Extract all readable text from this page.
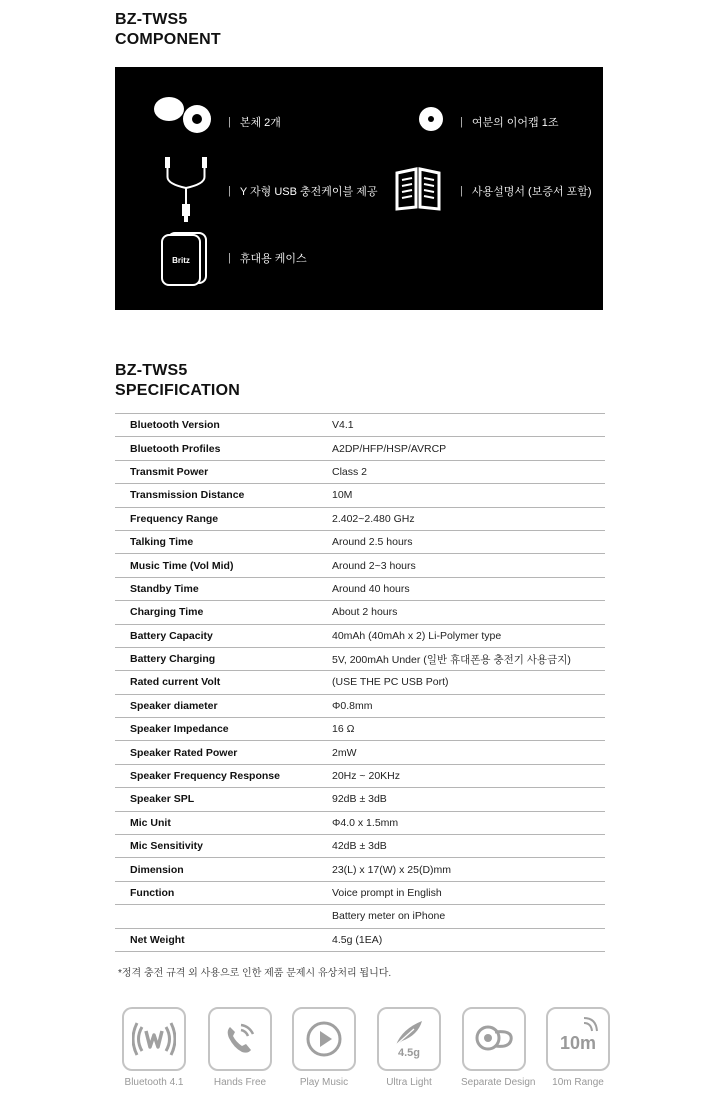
BZ-TWS5
COMPONENT
| 본체 2개	| 여분의 이어캡 1조
| Y 자형 USB 충전케이블 제공	| 사용설명서 (보증서 포함)
Britz	| 휴대용 케이스
BZ-TWS5
SPECIFICATION
Bluetooth Version	V4.1
Bluetooth Profiles	A2DP/HFP/HSP/AVRCP
Transmit Power	Class 2
Transmission Distance	10M
Frequency Range	2.402~2.480 GHz
Talking Time	Around 2.5 hours
Music Time (Vol Mid)	Around 2~3 hours
Standby Time	Around 40 hours
Charging Time	About 2 hours
Battery Capacity	40mAh (40mAh x 2) Li-Polymer type
Battery Charging	5V, 200mAh Under (일반 휴대폰용 충전기 사용금지)
Rated current Volt	(USE THE PC USB Port)
Speaker diameter	Φ0.8mm
Speaker Impedance	16 Ω
Speaker Rated Power	2mW
Speaker Frequency Response	20Hz ~ 20KHz
Speaker SPL	92dB ± 3dB
Mic Unit	Φ4.0 x 1.5mm
Mic Sensitivity	42dB ± 3dB
Dimension	23(L) x 17(W) x 25(D)mm
Function	Voice prompt in English
	Battery meter on iPhone
Net Weight	4.5g (1EA)
*정격 충전 규격 외 사용으로 인한 제품 문제시 유상처리 됩니다.
Bluetooth 4.1	Hands Free	Play Music
4.5g
Ultra Light	Separate Design
10m
10m Range
